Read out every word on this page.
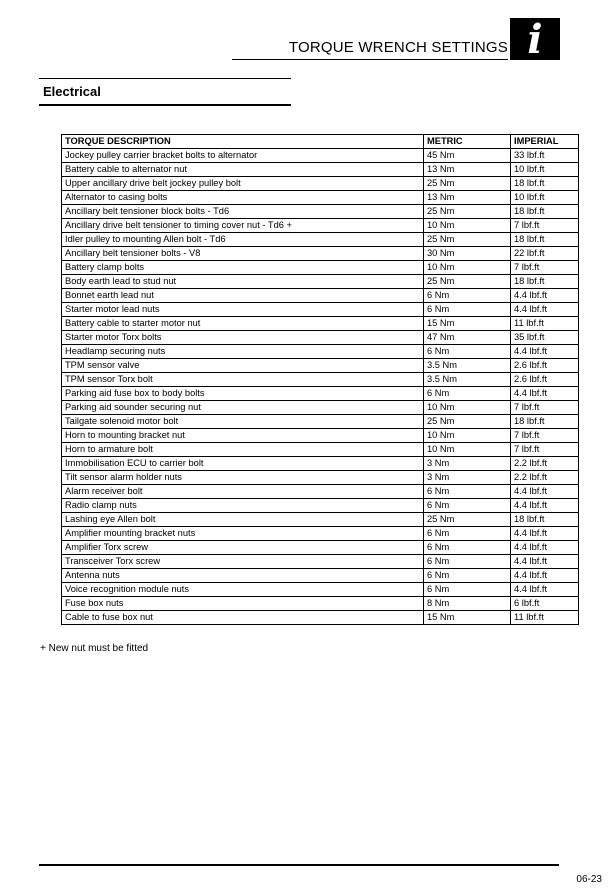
TORQUE WRENCH SETTINGS i
Electrical
TORQUE DESCRIPTION	METRIC	IMPERIAL
Jockey pulley carrier bracket bolts to alternator	45 Nm	33 lbf.ft
Battery cable to alternator nut	13 Nm	10 lbf.ft
Upper ancillary drive belt jockey pulley bolt	25 Nm	18 lbf.ft
Alternator to casing bolts	13 Nm	10 lbf.ft
Ancillary belt tensioner block bolts - Td6	25 Nm	18 lbf.ft
Ancillary drive belt tensioner to timing cover nut - Td6 +	10 Nm	7 lbf.ft
Idler pulley to mounting Allen bolt - Td6	25 Nm	18 lbf.ft
Ancillary belt tensioner bolts - V8	30 Nm	22 lbf.ft
Battery clamp bolts	10 Nm	7 lbf.ft
Body earth lead to stud nut	25 Nm	18 lbf.ft
Bonnet earth lead nut	6 Nm	4.4 lbf.ft
Starter motor lead nuts	6 Nm	4.4 lbf.ft
Battery cable to starter motor nut	15 Nm	11 lbf.ft
Starter motor Torx bolts	47 Nm	35 lbf.ft
Headlamp securing nuts	6 Nm	4.4 lbf.ft
TPM sensor valve	3.5 Nm	2.6 lbf.ft
TPM sensor Torx bolt	3.5 Nm	2.6 lbf.ft
Parking aid fuse box to body bolts	6 Nm	4.4 lbf.ft
Parking aid sounder securing nut	10 Nm	7 lbf.ft
Tailgate solenoid motor bolt	25 Nm	18 lbf.ft
Horn to mounting bracket nut	10 Nm	7 lbf.ft
Horn to armature bolt	10 Nm	7 lbf.ft
Immobilisation ECU to carrier bolt	3 Nm	2.2 lbf.ft
Tilt sensor alarm holder nuts	3 Nm	2.2 lbf.ft
Alarm receiver bolt	6 Nm	4.4 lbf.ft
Radio clamp nuts	6 Nm	4.4 lbf.ft
Lashing eye Allen bolt	25 Nm	18 lbf.ft
Amplifier mounting bracket nuts	6 Nm	4.4 lbf.ft
Amplifier Torx screw	6 Nm	4.4 lbf.ft
Transceiver Torx screw	6 Nm	4.4 lbf.ft
Antenna nuts	6 Nm	4.4 lbf.ft
Voice recognition module nuts	6 Nm	4.4 lbf.ft
Fuse box nuts	8 Nm	6 lbf.ft
Cable to fuse box nut	15 Nm	11 lbf.ft
+ New nut must be fitted
06-23
